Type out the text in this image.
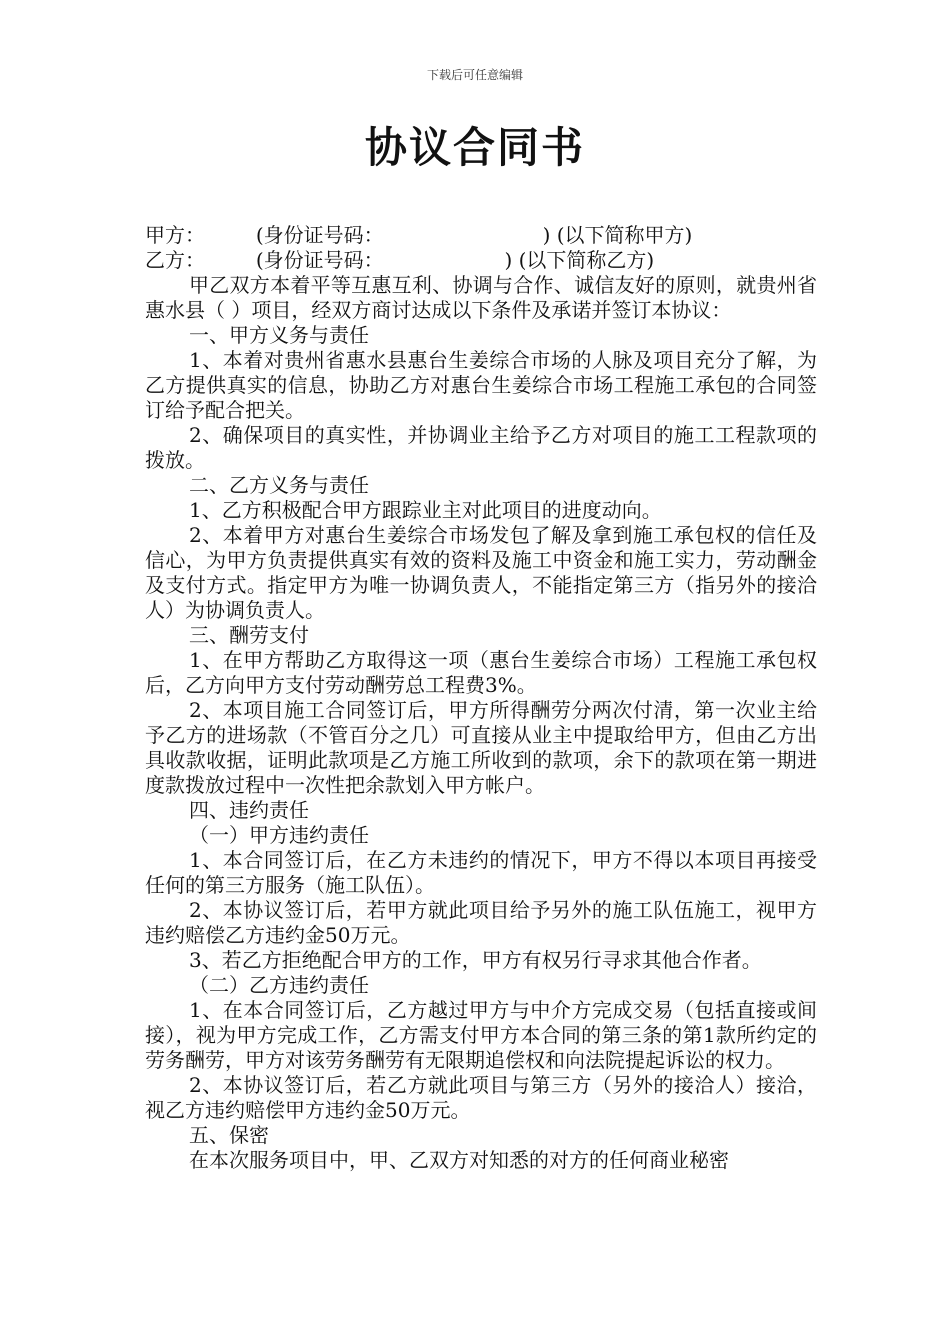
下载后可任意编辑
协议合同书
甲方：        (身份证号码：                         ) (以下简称甲方)
乙方：        (身份证号码：                   ) (以下简称乙方)

甲乙双方本着平等互惠互利、协调与合作、诚信友好的原则，就贵州省惠水县（ ）项目，经双方商讨达成以下条件及承诺并签订本协议：

一、甲方义务与责任

1、本着对贵州省惠水县惠台生姜综合市场的人脉及项目充分了解，为乙方提供真实的信息，协助乙方对惠台生姜综合市场工程施工承包的合同签订给予配合把关。

2、确保项目的真实性，并协调业主给予乙方对项目的施工工程款项的拨放。

二、乙方义务与责任

1、乙方积极配合甲方跟踪业主对此项目的进度动向。

2、本着甲方对惠台生姜综合市场发包了解及拿到施工承包权的信任及信心，为甲方负责提供真实有效的资料及施工中资金和施工实力，劳动酬金及支付方式。指定甲方为唯一协调负责人，不能指定第三方（指另外的接洽人）为协调负责人。

三、酬劳支付

1、在甲方帮助乙方取得这一项（惠台生姜综合市场）工程施工承包权后，乙方向甲方支付劳动酬劳总工程费3%。

2、本项目施工合同签订后，甲方所得酬劳分两次付清，第一次业主给予乙方的进场款（不管百分之几）可直接从业主中提取给甲方，但由乙方出具收款收据，证明此款项是乙方施工所收到的款项，余下的款项在第一期进度款拨放过程中一次性把余款划入甲方帐户。

四、违约责任

（一）甲方违约责任

1、本合同签订后，在乙方未违约的情况下，甲方不得以本项目再接受任何的第三方服务（施工队伍）。

2、本协议签订后，若甲方就此项目给予另外的施工队伍施工，视甲方违约赔偿乙方违约金50万元。

3、若乙方拒绝配合甲方的工作，甲方有权另行寻求其他合作者。

（二）乙方违约责任

1、在本合同签订后，乙方越过甲方与中介方完成交易（包括直接或间接），视为甲方完成工作，乙方需支付甲方本合同的第三条的第1款所约定的劳务酬劳，甲方对该劳务酬劳有无限期追偿权和向法院提起诉讼的权力。

2、本协议签订后，若乙方就此项目与第三方（另外的接洽人）接洽，视乙方违约赔偿甲方违约金50万元。

五、保密

在本次服务项目中，甲、乙双方对知悉的对方的任何商业秘密
